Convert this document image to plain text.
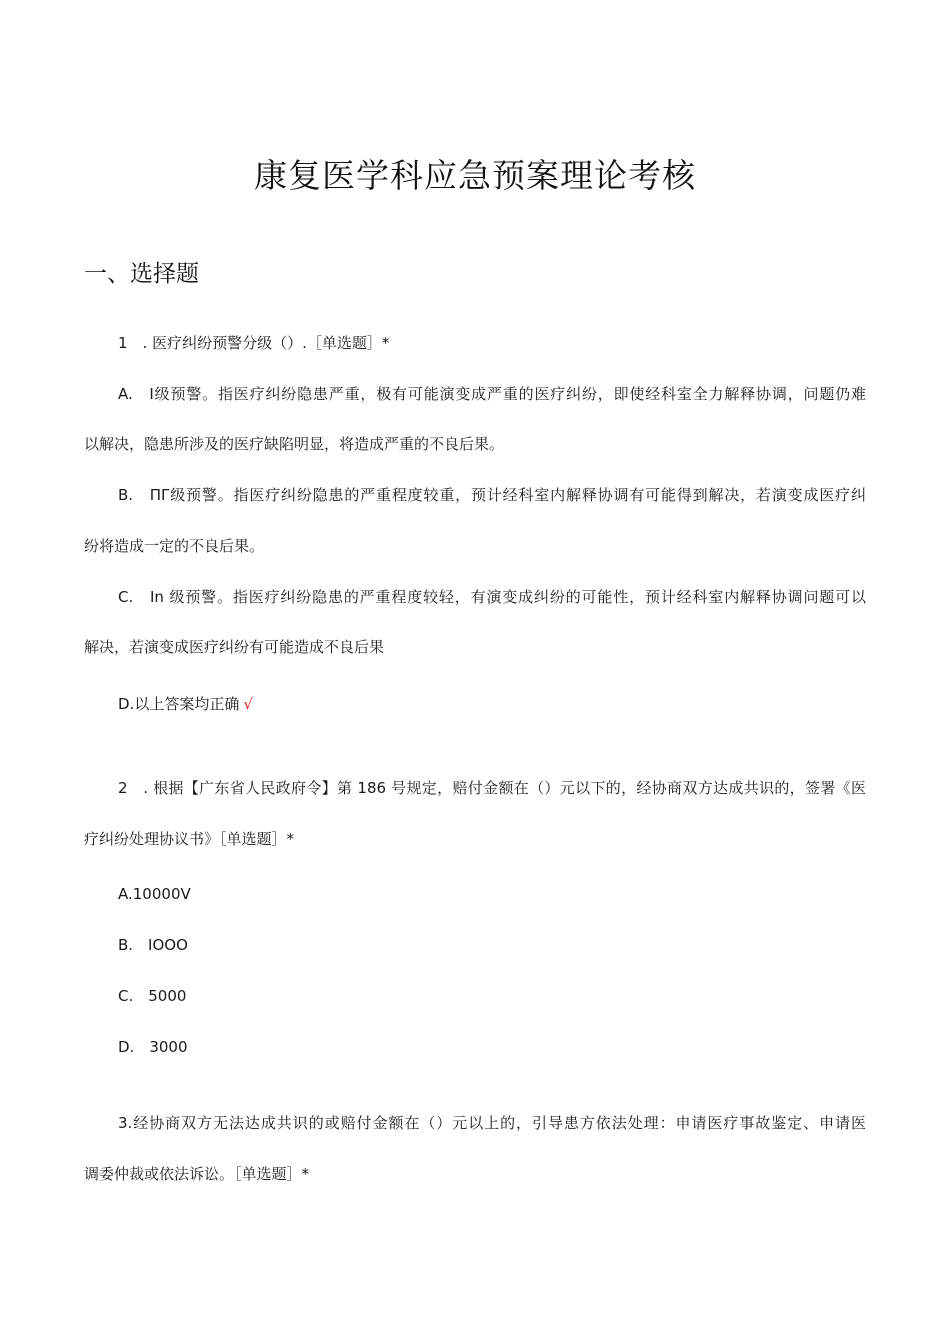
康复医学科应急预案理论考核
一、选择题
1　. 医疗纠纷预警分级（）.［单选题］*
A.　Ⅰ级预警。指医疗纠纷隐患严重，极有可能演变成严重的医疗纠纷，即使经科室全力解释协调，问题仍难
以解决，隐患所涉及的医疗缺陷明显，将造成严重的不良后果。
B.　ΠΓ级预警。指医疗纠纷隐患的严重程度较重，预计经科室内解释协调有可能得到解决，若演变成医疗纠
纷将造成一定的不良后果。
C.　In 级预警。指医疗纠纷隐患的严重程度较轻，有演变成纠纷的可能性，预计经科室内解释协调问题可以
解决，若演变成医疗纠纷有可能造成不良后果
D.以上答案均正确 √
2　. 根据【广东省人民政府令】第 186 号规定，赔付金额在（）元以下的，经协商双方达成共识的，签署《医
疗纠纷处理协议书》［单选题］*
A.10000V
B.　IOOO
C.　5000
D.　3000
3.经协商双方无法达成共识的或赔付金额在（）元以上的，引导患方依法处理：申请医疗事故鉴定、申请医
调委仲裁或依法诉讼。［单选题］*
